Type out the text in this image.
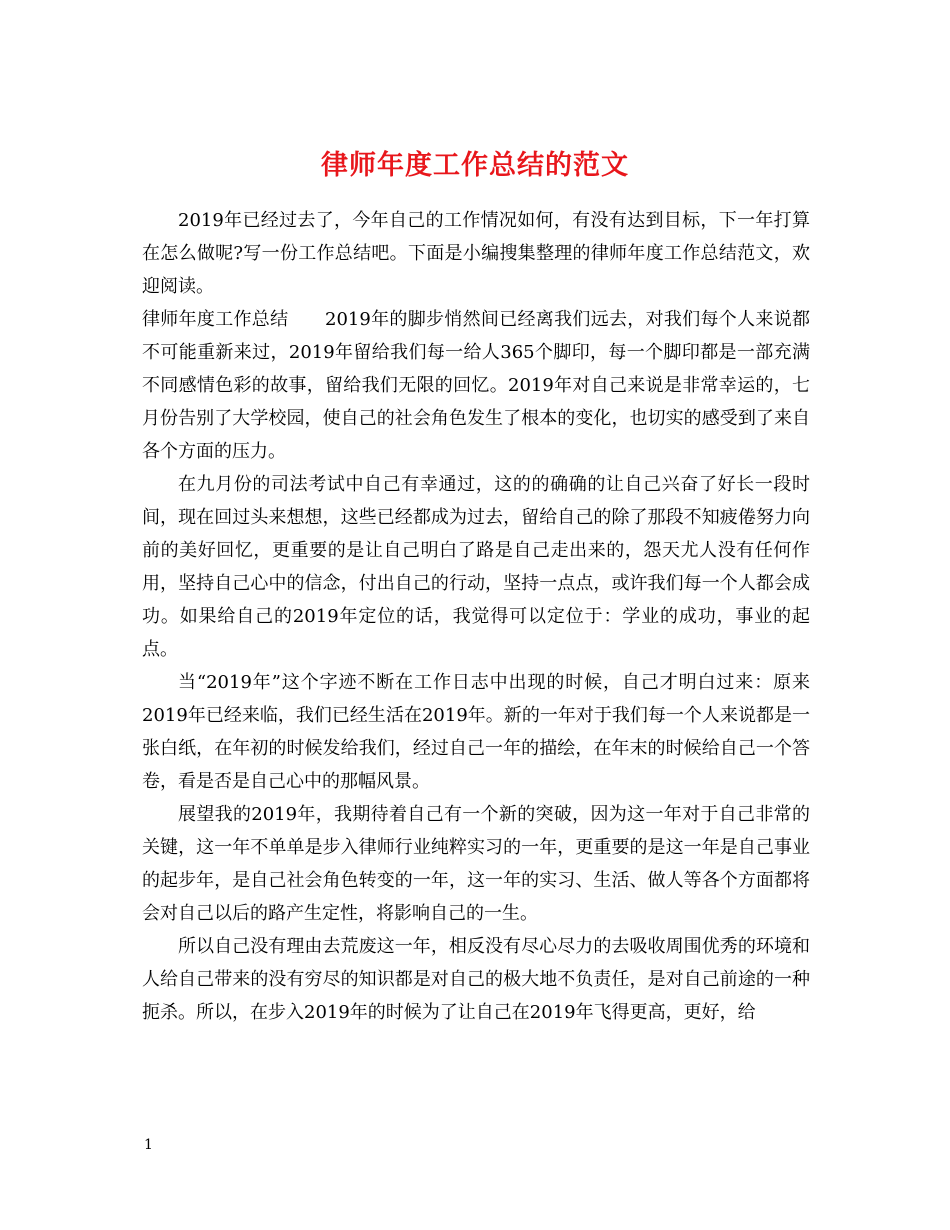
律师年度工作总结的范文

2019年已经过去了，今年自己的工作情况如何，有没有达到目标，下一年打算在怎么做呢?写一份工作总结吧。下面是小编搜集整理的律师年度工作总结范文，欢迎阅读。

律师年度工作总结　　2019年的脚步悄然间已经离我们远去，对我们每个人来说都不可能重新来过，2019年留给我们每一给人365个脚印，每一个脚印都是一部充满不同感情色彩的故事，留给我们无限的回忆。2019年对自己来说是非常幸运的，七月份告别了大学校园，使自己的社会角色发生了根本的变化，也切实的感受到了来自各个方面的压力。

在九月份的司法考试中自己有幸通过，这的的确确的让自己兴奋了好长一段时间，现在回过头来想想，这些已经都成为过去，留给自己的除了那段不知疲倦努力向前的美好回忆，更重要的是让自己明白了路是自己走出来的，怨天尤人没有任何作用，坚持自己心中的信念，付出自己的行动，坚持一点点，或许我们每一个人都会成功。如果给自己的2019年定位的话，我觉得可以定位于：学业的成功，事业的起点。

当“2019年”这个字迹不断在工作日志中出现的时候，自己才明白过来：原来2019年已经来临，我们已经生活在2019年。新的一年对于我们每一个人来说都是一张白纸，在年初的时候发给我们，经过自己一年的描绘，在年末的时候给自己一个答卷，看是否是自己心中的那幅风景。

展望我的2019年，我期待着自己有一个新的突破，因为这一年对于自己非常的关键，这一年不单单是步入律师行业纯粹实习的一年，更重要的是这一年是自己事业的起步年，是自己社会角色转变的一年，这一年的实习、生活、做人等各个方面都将会对自己以后的路产生定性，将影响自己的一生。

所以自己没有理由去荒废这一年，相反没有尽心尽力的去吸收周围优秀的环境和人给自己带来的没有穷尽的知识都是对自己的极大地不负责任，是对自己前途的一种扼杀。所以，在步入2019年的时候为了让自己在2019年飞得更高，更好，给

1
